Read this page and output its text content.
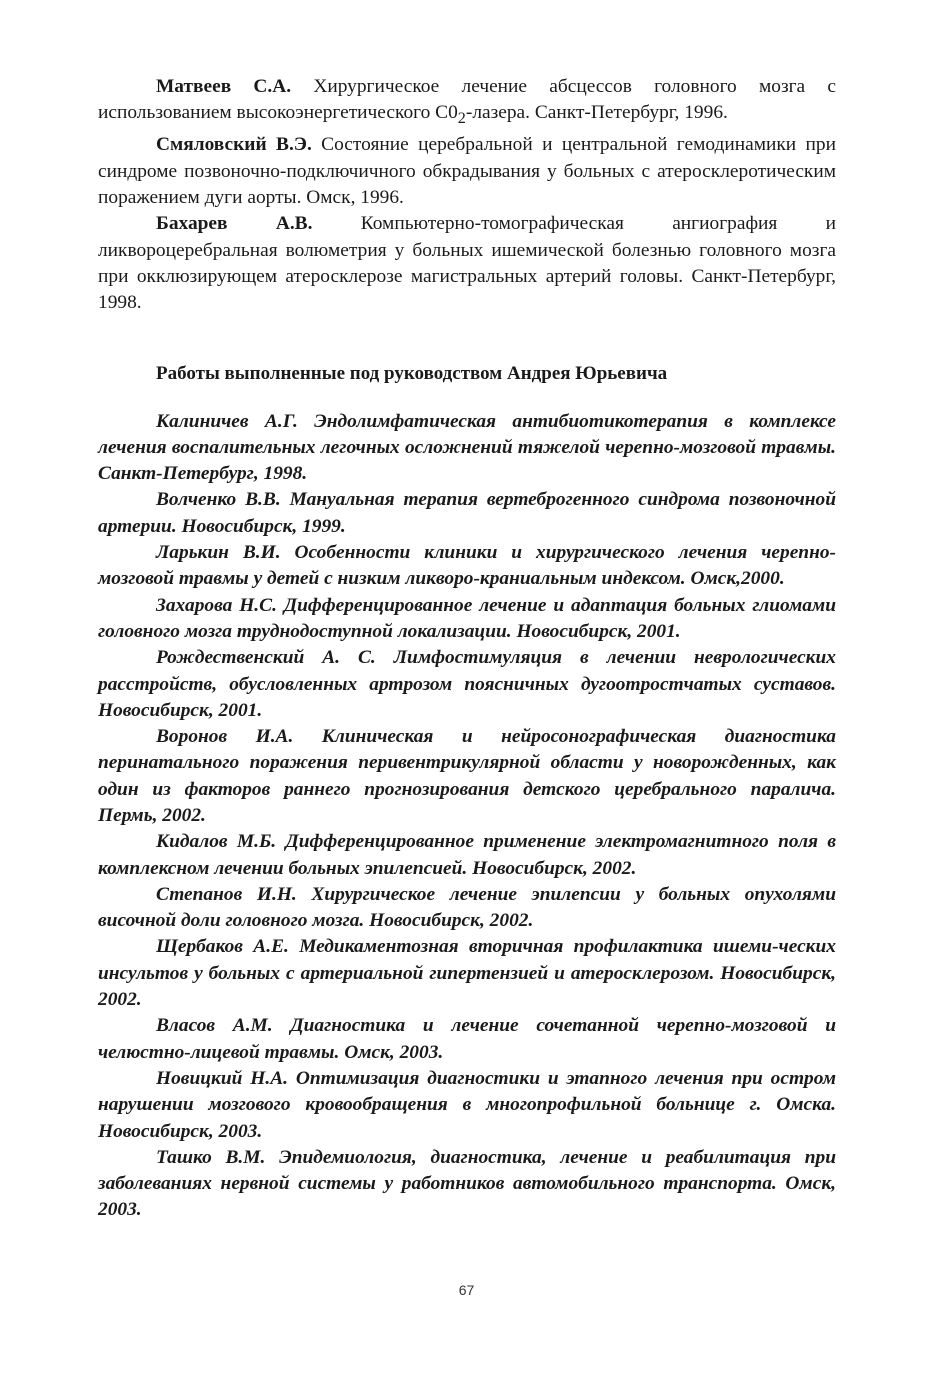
Матвеев С.А. Хирургическое лечение абсцессов головного мозга с использованием высокоэнергетического $С0_2$-лазера. Санкт-Петербург, 1996.

Смяловский В.Э. Состояние церебральной и центральной гемодинамики при синдроме позвоночно-подключичного обкрадывания у больных с атеросклеротическим поражением дуги аорты. Омск, 1996.

Бахарев А.В. Компьютерно-томографическая ангиография и ликвороцеребральная волюметрия у больных ишемической болезнью головного мозга при окклюзирующем атеросклерозе магистральных артерий головы. Санкт-Петербург, 1998.

Работы выполненные под руководством Андрея Юрьевича

Калиничев А.Г. Эндолимфатическая антибиотикотерапия в комплексе лечения воспалительных легочных осложнений тяжелой черепно-мозговой травмы. Санкт-Петербург, 1998.

Волченко В.В. Мануальная терапия вертеброгенного синдрома позвоночной артерии. Новосибирск, 1999.

Ларькин В.И. Особенности клиники и хирургического лечения черепно-мозговой травмы у детей с низким ликворо-краниальным индексом. Омск,2000.

Захарова Н.С. Дифференцированное лечение и адаптация больных глиомами головного мозга труднодоступной локализации. Новосибирск, 2001.

Рождественский А. С. Лимфостимуляция в лечении неврологических расстройств, обусловленных артрозом поясничных дугоотростчатых суставов. Новосибирск, 2001.

Воронов И.А. Клиническая и нейросонографическая диагностика перинатального поражения перивентрикулярной области у новорожденных, как один из факторов раннего прогнозирования детского церебрального паралича. Пермь, 2002.

Кидалов М.Б. Дифференцированное применение электромагнитного поля в комплексном лечении больных эпилепсией. Новосибирск, 2002.

Степанов И.Н. Хирургическое лечение эпилепсии у больных опухолями височной доли головного мозга. Новосибирск, 2002.

Щербаков А.Е. Медикаментозная вторичная профилактика ишеми-ческих инсультов у больных с артериальной гипертензией и атеросклерозом. Новосибирск, 2002.

Власов А.М. Диагностика и лечение сочетанной черепно-мозговой и челюстно-лицевой травмы. Омск, 2003.

Новицкий Н.А. Оптимизация диагностики и этапного лечения при остром нарушении мозгового кровообращения в многопрофильной больнице г. Омска. Новосибирск, 2003.

Ташко В.М. Эпидемиология, диагностика, лечение и реабилитация при заболеваниях нервной системы у работников автомобильного транспорта. Омск, 2003.

67
